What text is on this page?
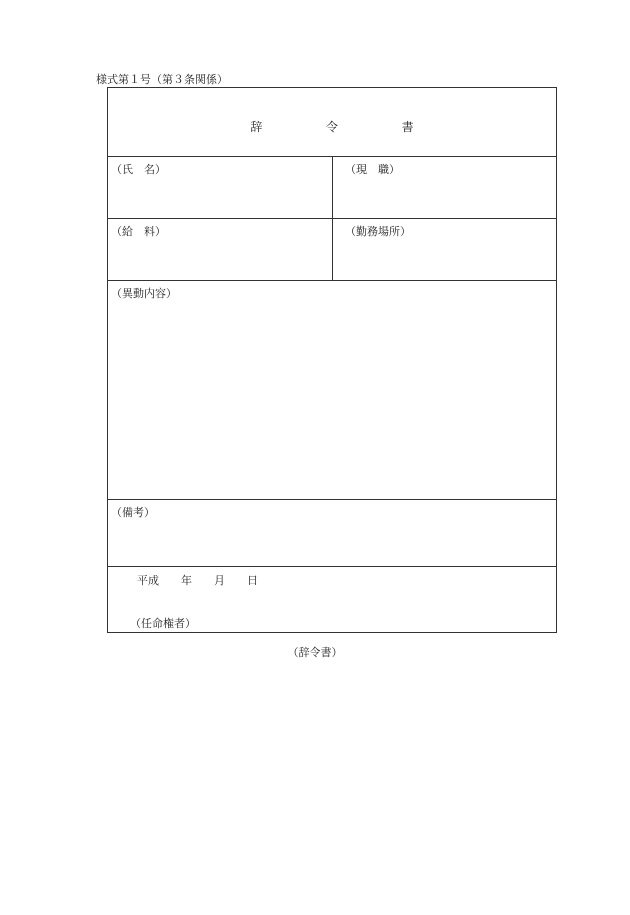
様式第１号（第３条関係）
辞	令	書
（氏　名）	（現　職）
（給　料）	（勤務場所）
（異動内容）
（備考）
平成　　年　　月　　日
（任命権者）
（辞令書）
